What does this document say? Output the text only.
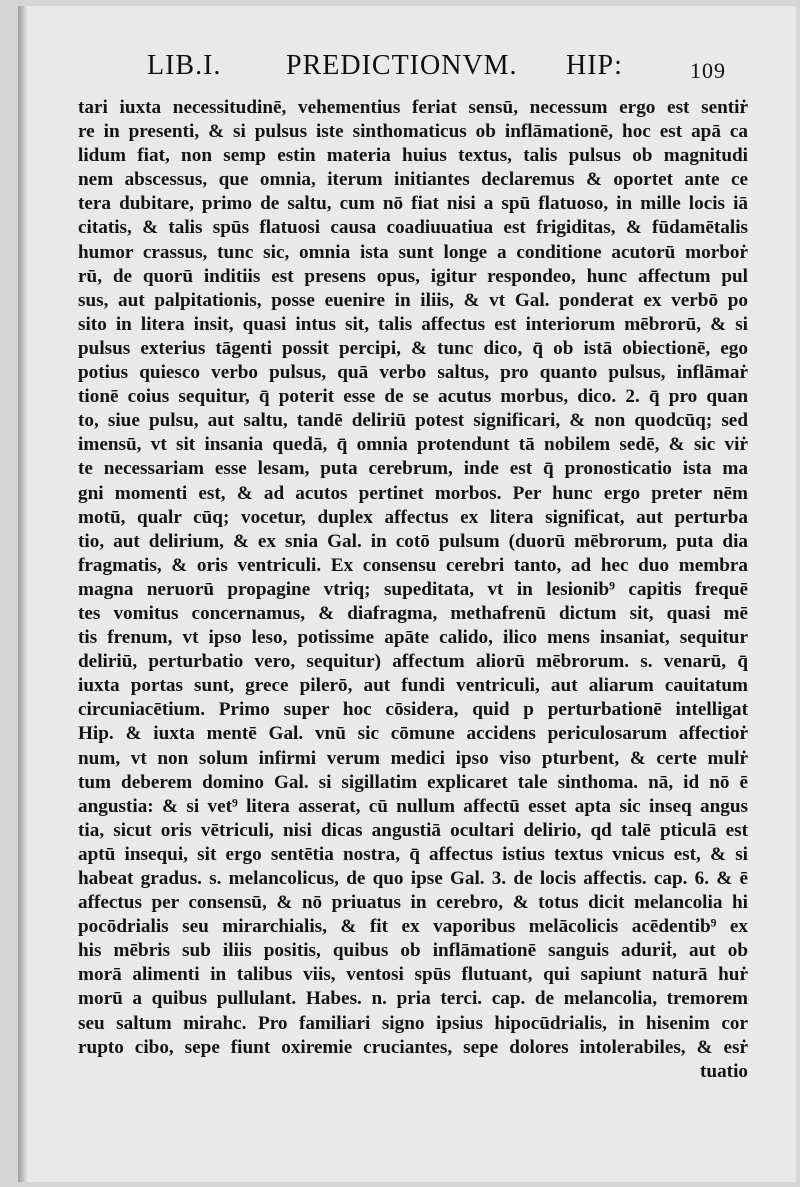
LIB.I. PREDICTIONVM. HIP:	109
tari iuxta necessitudinē, vehementius feriat sensū, necessum ergo est sentiṙ
re in presenti, & si pulsus iste sinthomaticus ob inflāmationē, hoc est apā ca
lidum fiat, non semp estin materia huius textus, talis pulsus ob magnitudi
nem abscessus, que omnia, iterum initiantes declaremus & oportet ante ce
tera dubitare, primo de saltu, cum nō fiat nisi a spū flatuoso, in mille locis iā
citatis, & talis spūs flatuosi causa coadiuuatiua est frigiditas, & fūdamētalis
humor crassus, tunc sic, omnia ista sunt longe a conditione acutorū morboṙ
rū, de quorū inditiis est presens opus, igitur respondeo, hunc affectum pul
sus, aut palpitationis, posse euenire in iliis, & vt Gal. ponderat ex verbō po
sito in litera insit, quasi intus sit, talis affectus est interiorum mēbrorū, & si
pulsus exterius tāgenti possit percipi, & tunc dico, q̄ ob istā obiectionē, ego
potius quiesco verbo pulsus, quā verbo saltus, pro quanto pulsus, inflāmaṙ
tionē coius sequitur, q̄ poterit esse de se acutus morbus, dico. 2. q̄ pro quan
to, siue pulsu, aut saltu, tandē deliriū potest significari, & non quodcūq; sed
imensū, vt sit insania quedā, q̄ omnia protendunt tā nobilem sedē, & sic viṙ
te necessariam esse lesam, puta cerebrum, inde est q̄ pronosticatio ista ma
gni momenti est, & ad acutos pertinet morbos. Per hunc ergo preter nēm
motū, qualr cūq; vocetur, duplex affectus ex litera significat, aut perturba
tio, aut delirium, & ex snia Gal. in cotō pulsum (duorū mēbrorum, puta dia
fragmatis, & oris ventriculi. Ex consensu cerebri tanto, ad hec duo membra
magna neruorū propagine vtriq; supeditata, vt in lesionib⁹ capitis frequē
tes vomitus concernamus, & diafragma, methafrenū dictum sit, quasi mē
tis frenum, vt ipso leso, potissime apāte calido, ilico mens insaniat, sequitur
deliriū, perturbatio vero, sequitur) affectum aliorū mēbrorum. s. venarū, q̄
iuxta portas sunt, grece pilerō, aut fundi ventriculi, aut aliarum cauitatum
circuniacētium. Primo super hoc cōsidera, quid p perturbationē intelligat
Hip. & iuxta mentē Gal. vnū sic cōmune accidens periculosarum affectioṙ
num, vt non solum infirmi verum medici ipso viso pturbent, & certe mulṙ
tum deberem domino Gal. si sigillatim explicaret tale sinthoma. nā, id nō ē
angustia: & si vet⁹ litera asserat, cū nullum affectū esset apta sic inseq angus
tia, sicut oris vētriculi, nisi dicas angustiā ocultari delirio, qd talē pticulā est
aptū insequi, sit ergo sentētia nostra, q̄ affectus istius textus vnicus est, & si
habeat gradus. s. melancolicus, de quo ipse Gal. 3. de locis affectis. cap. 6. & ē
affectus per consensū, & nō priuatus in cerebro, & totus dicit melancolia hi
pocōdrialis seu mirarchialis, & fit ex vaporibus melācolicis acēdentib⁹ ex
his mēbris sub iliis positis, quibus ob inflāmationē sanguis aduriṫ, aut ob
morā alimenti in talibus viis, ventosi spūs flutuant, qui sapiunt naturā huṙ
morū a quibus pullulant. Habes. n. pria terci. cap. de melancolia, tremorem
seu saltum mirahc. Pro familiari signo ipsius hipocūdrialis, in hisenim cor
rupto cibo, sepe fiunt oxiremie cruciantes, sepe dolores intolerabiles, & esṙ
tuatio
